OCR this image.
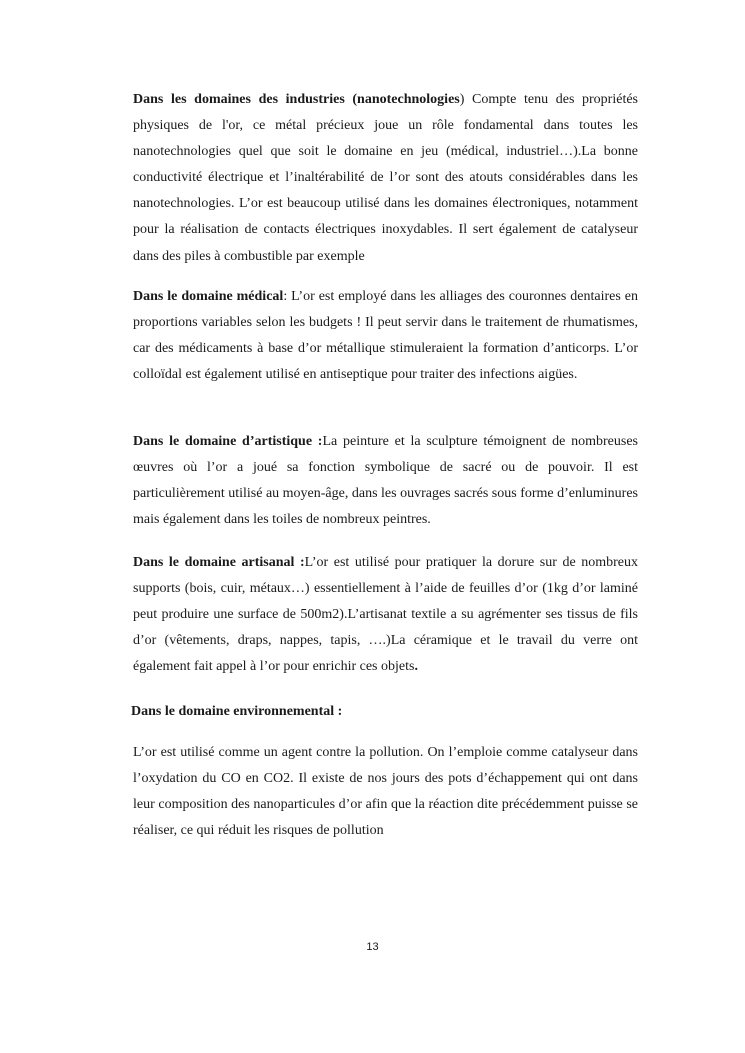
Dans les domaines des industries (nanotechnologies) Compte tenu des propriétés physiques de l'or, ce métal précieux joue un rôle fondamental dans toutes les nanotechnologies quel que soit le domaine en jeu (médical, industriel…).La bonne conductivité électrique et l’inaltérabilité de l’or sont des atouts considérables dans les nanotechnologies. L’or est beaucoup utilisé dans les domaines électroniques, notamment pour la réalisation de contacts électriques inoxydables. Il sert également de catalyseur dans des piles à combustible par exemple

Dans le domaine médical: L’or est employé dans les alliages des couronnes dentaires en proportions variables selon les budgets ! Il peut servir dans le traitement de rhumatismes, car des médicaments à base d’or métallique stimuleraient la formation d’anticorps. L’or colloïdal est également utilisé en antiseptique pour traiter des infections aigües.

Dans le domaine d’artistique :La peinture et la sculpture témoignent de nombreuses œuvres où l’or a joué sa fonction symbolique de sacré ou de pouvoir. Il est particulièrement utilisé au moyen-âge, dans les ouvrages sacrés sous forme d’enluminures mais également dans les toiles de nombreux peintres.

Dans le domaine artisanal :L’or est utilisé pour pratiquer la dorure sur de nombreux supports (bois, cuir, métaux…) essentiellement à l’aide de feuilles d’or (1kg d’or laminé peut produire une surface de 500m2).L’artisanat textile a su agrémenter ses tissus de fils d’or (vêtements, draps, nappes, tapis, ….)La céramique et le travail du verre ont également fait appel à l’or pour enrichir ces objets.

Dans le domaine environnemental :

L’or est utilisé comme un agent contre la pollution. On l’emploie comme catalyseur dans l’oxydation du CO en CO2. Il existe de nos jours des pots d’échappement qui ont dans leur composition des nanoparticules d’or afin que la réaction dite précédemment puisse se réaliser, ce qui réduit les risques de pollution

13
